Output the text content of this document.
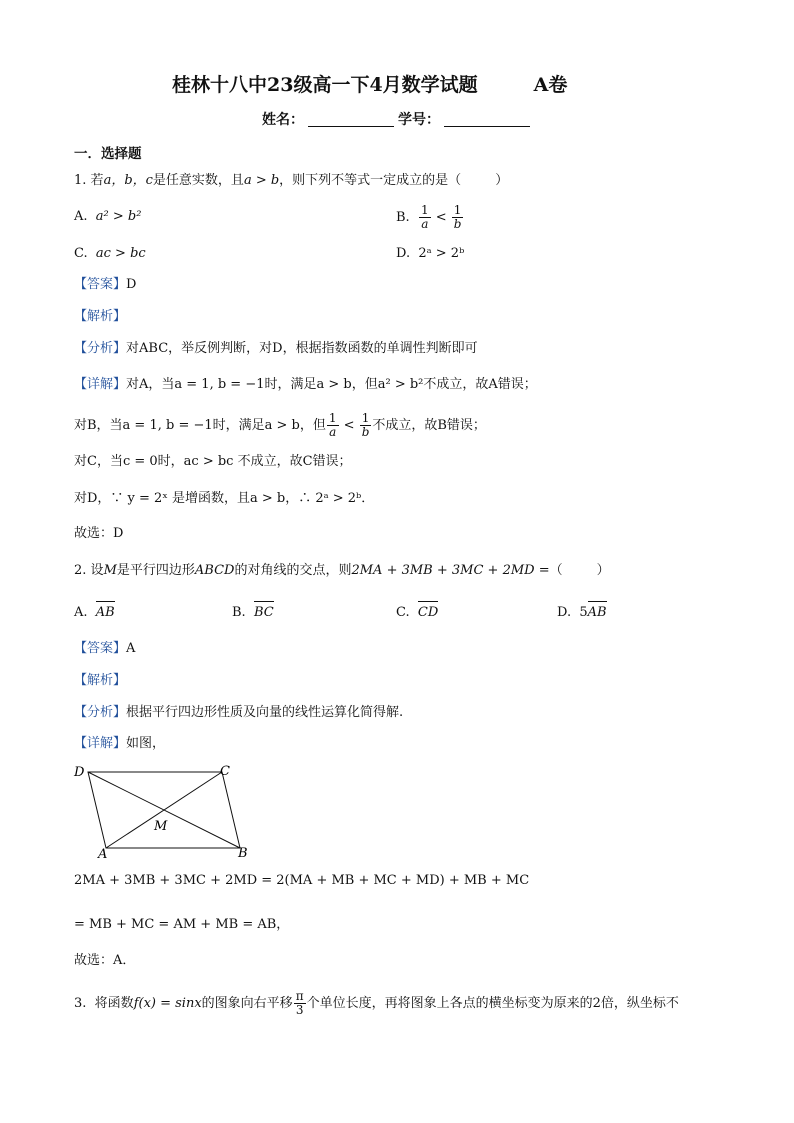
桂林十八中23级高一下4月数学试题	A卷
姓名：	学号：
一．选择题
1. 若a，b，c是任意实数，且a > b，则下列不等式一定成立的是（	）
A. a² > b²	B. $\frac{1}{a} < \frac{1}{b}$
C. ac > bc	D. 2ᵃ > 2ᵇ
【答案】D
【解析】
【分析】对ABC，举反例判断，对D，根据指数函数的单调性判断即可
【详解】对A，当a = 1, b = −1时，满足a > b，但a² > b²不成立，故A错误；
对B，当a = 1, b = −1时，满足a > b，但 $\frac{1}{a} < \frac{1}{b}$ 不成立，故B错误；
对C，当c = 0时，ac > bc 不成立，故C错误；
对D，∵ y = 2ˣ 是增函数，且a > b，∴ 2ᵃ > 2ᵇ．
故选：D
2. 设M是平行四边形ABCD的对角线的交点，则2MA + 3MB + 3MC + 2MD =（	）
A. AB	B. BC	C. CD	D. 5AB
【答案】A
【解析】
【分析】根据平行四边形性质及向量的线性运算化简得解.
【详解】如图，
D	C
M
A	B
2MA + 3MB + 3MC + 2MD = 2(MA + MB + MC + MD) + MB + MC
= MB + MC = AM + MB = AB，
故选：A．
3. 将函数f(x) = sinx的图象向右平移 $\frac{\pi}{3}$ 个单位长度，再将图象上各点的横坐标变为原来的2倍，纵坐标不
